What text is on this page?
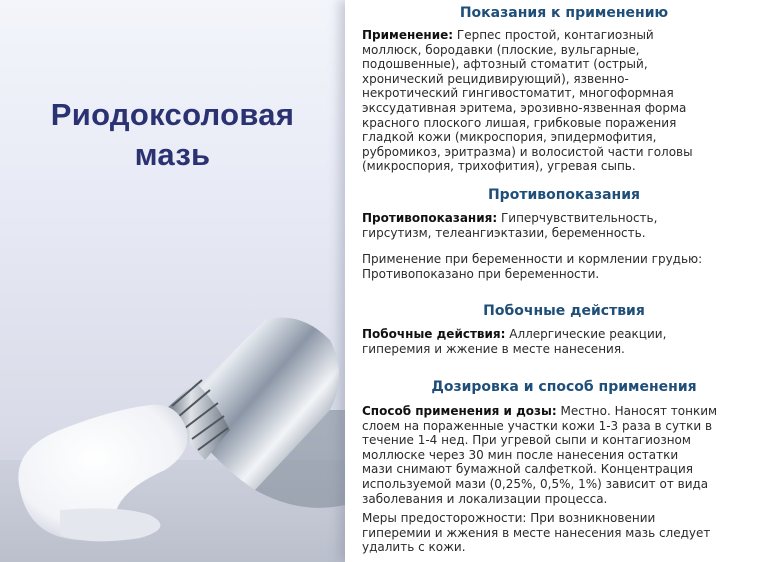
Риодоксоловая
мазь
Показания к применению

Применение: Герпес простой, контагиозный
моллюск, бородавки (плоские, вульгарные,
подошвенные), афтозный стоматит (острый,
хронический рецидивирующий), язвенно-
некротический гингивостоматит, многоформная
экссудативная эритема, эрозивно-язвенная форма
красного плоского лишая, грибковые поражения
гладкой кожи (микроспория, эпидермофития,
рубромикоз, эритразма) и волосистой части головы
(микроспория, трихофития), угревая сыпь.

Противопоказания

Противопоказания: Гиперчувствительность,
гирсутизм, телеангиэктазии, беременность.

Применение при беременности и кормлении грудью:
Противопоказано при беременности.

Побочные действия

Побочные действия: Аллергические реакции,
гиперемия и жжение в месте нанесения.

Дозировка и способ применения

Способ применения и дозы: Местно. Наносят тонким
слоем на пораженные участки кожи 1-3 раза в сутки в
течение 1-4 нед. При угревой сыпи и контагиозном
моллюске через 30 мин после нанесения остатки
мази снимают бумажной салфеткой. Концентрация
используемой мази (0,25%, 0,5%, 1%) зависит от вида
заболевания и локализации процесса.

Меры предосторожности: При возникновении
гиперемии и жжения в месте нанесения мазь следует
удалить с кожи.
